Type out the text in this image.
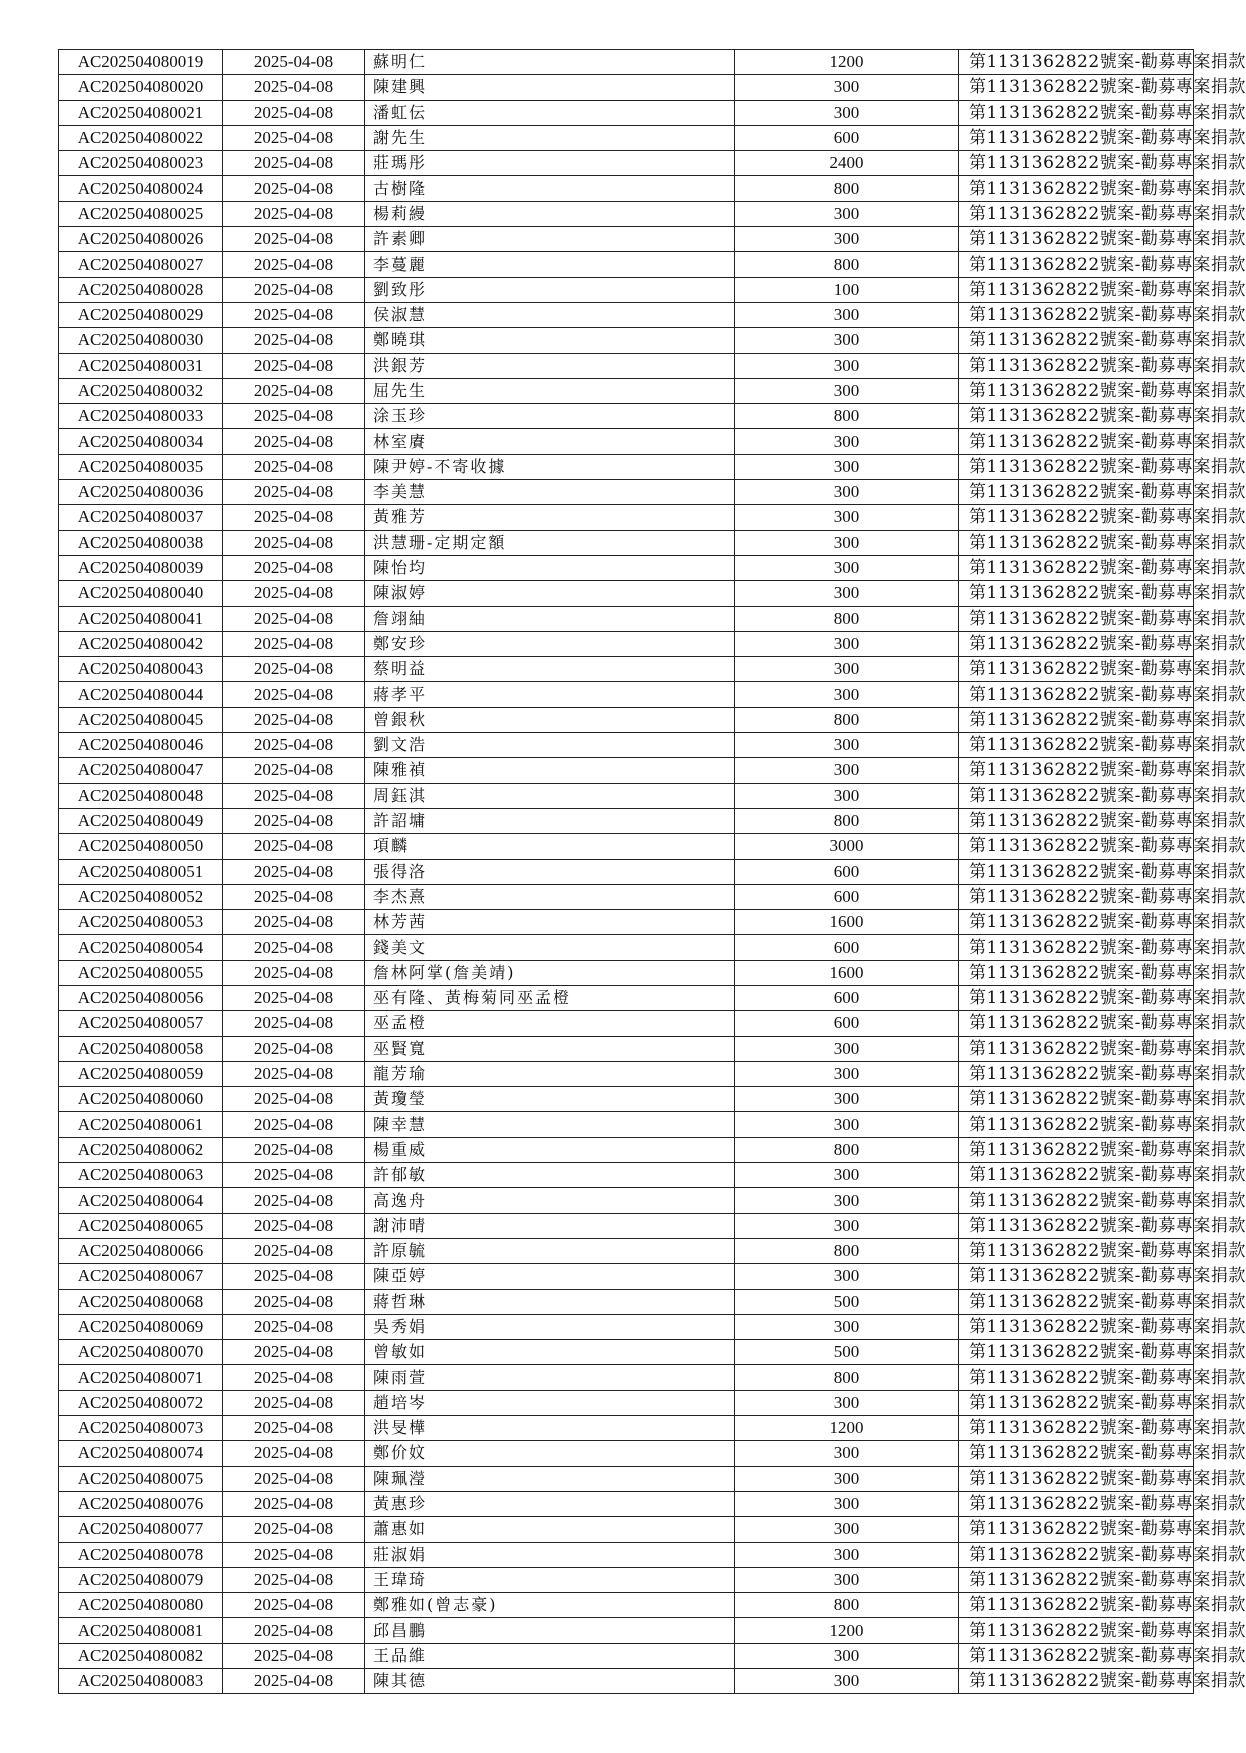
AC202504080019	2025-04-08	蘇明仁	1200	第1131362822號案-勸募專案捐款
AC202504080020	2025-04-08	陳建興	300	第1131362822號案-勸募專案捐款
AC202504080021	2025-04-08	潘虹伝	300	第1131362822號案-勸募專案捐款
AC202504080022	2025-04-08	謝先生	600	第1131362822號案-勸募專案捐款
AC202504080023	2025-04-08	莊瑪彤	2400	第1131362822號案-勸募專案捐款
AC202504080024	2025-04-08	古樹隆	800	第1131362822號案-勸募專案捐款
AC202504080025	2025-04-08	楊莉縵	300	第1131362822號案-勸募專案捐款
AC202504080026	2025-04-08	許素卿	300	第1131362822號案-勸募專案捐款
AC202504080027	2025-04-08	李蔓麗	800	第1131362822號案-勸募專案捐款
AC202504080028	2025-04-08	劉致彤	100	第1131362822號案-勸募專案捐款
AC202504080029	2025-04-08	侯淑慧	300	第1131362822號案-勸募專案捐款
AC202504080030	2025-04-08	鄭曉琪	300	第1131362822號案-勸募專案捐款
AC202504080031	2025-04-08	洪銀芳	300	第1131362822號案-勸募專案捐款
AC202504080032	2025-04-08	屈先生	300	第1131362822號案-勸募專案捐款
AC202504080033	2025-04-08	涂玉珍	800	第1131362822號案-勸募專案捐款
AC202504080034	2025-04-08	林室賡	300	第1131362822號案-勸募專案捐款
AC202504080035	2025-04-08	陳尹婷-不寄收據	300	第1131362822號案-勸募專案捐款
AC202504080036	2025-04-08	李美慧	300	第1131362822號案-勸募專案捐款
AC202504080037	2025-04-08	黃雅芳	300	第1131362822號案-勸募專案捐款
AC202504080038	2025-04-08	洪慧珊-定期定額	300	第1131362822號案-勸募專案捐款
AC202504080039	2025-04-08	陳怡均	300	第1131362822號案-勸募專案捐款
AC202504080040	2025-04-08	陳淑婷	300	第1131362822號案-勸募專案捐款
AC202504080041	2025-04-08	詹翊紬	800	第1131362822號案-勸募專案捐款
AC202504080042	2025-04-08	鄭安珍	300	第1131362822號案-勸募專案捐款
AC202504080043	2025-04-08	蔡明益	300	第1131362822號案-勸募專案捐款
AC202504080044	2025-04-08	蔣孝平	300	第1131362822號案-勸募專案捐款
AC202504080045	2025-04-08	曾銀秋	800	第1131362822號案-勸募專案捐款
AC202504080046	2025-04-08	劉文浩	300	第1131362822號案-勸募專案捐款
AC202504080047	2025-04-08	陳雅禎	300	第1131362822號案-勸募專案捐款
AC202504080048	2025-04-08	周鈺淇	300	第1131362822號案-勸募專案捐款
AC202504080049	2025-04-08	許詔墉	800	第1131362822號案-勸募專案捐款
AC202504080050	2025-04-08	項麟	3000	第1131362822號案-勸募專案捐款
AC202504080051	2025-04-08	張得洛	600	第1131362822號案-勸募專案捐款
AC202504080052	2025-04-08	李杰熹	600	第1131362822號案-勸募專案捐款
AC202504080053	2025-04-08	林芳茜	1600	第1131362822號案-勸募專案捐款
AC202504080054	2025-04-08	錢美文	600	第1131362822號案-勸募專案捐款
AC202504080055	2025-04-08	詹林阿掌(詹美靖)	1600	第1131362822號案-勸募專案捐款
AC202504080056	2025-04-08	巫有隆、黃梅菊同巫孟橙	600	第1131362822號案-勸募專案捐款
AC202504080057	2025-04-08	巫孟橙	600	第1131362822號案-勸募專案捐款
AC202504080058	2025-04-08	巫賢寬	300	第1131362822號案-勸募專案捐款
AC202504080059	2025-04-08	龍芳瑜	300	第1131362822號案-勸募專案捐款
AC202504080060	2025-04-08	黃瓊瑩	300	第1131362822號案-勸募專案捐款
AC202504080061	2025-04-08	陳幸慧	300	第1131362822號案-勸募專案捐款
AC202504080062	2025-04-08	楊重威	800	第1131362822號案-勸募專案捐款
AC202504080063	2025-04-08	許郁敏	300	第1131362822號案-勸募專案捐款
AC202504080064	2025-04-08	高逸舟	300	第1131362822號案-勸募專案捐款
AC202504080065	2025-04-08	謝沛晴	300	第1131362822號案-勸募專案捐款
AC202504080066	2025-04-08	許原毓	800	第1131362822號案-勸募專案捐款
AC202504080067	2025-04-08	陳亞婷	300	第1131362822號案-勸募專案捐款
AC202504080068	2025-04-08	蔣哲琳	500	第1131362822號案-勸募專案捐款
AC202504080069	2025-04-08	吳秀娟	300	第1131362822號案-勸募專案捐款
AC202504080070	2025-04-08	曾敏如	500	第1131362822號案-勸募專案捐款
AC202504080071	2025-04-08	陳雨萱	800	第1131362822號案-勸募專案捐款
AC202504080072	2025-04-08	趙培岑	300	第1131362822號案-勸募專案捐款
AC202504080073	2025-04-08	洪旻樺	1200	第1131362822號案-勸募專案捐款
AC202504080074	2025-04-08	鄭价妏	300	第1131362822號案-勸募專案捐款
AC202504080075	2025-04-08	陳珮瀅	300	第1131362822號案-勸募專案捐款
AC202504080076	2025-04-08	黃惠珍	300	第1131362822號案-勸募專案捐款
AC202504080077	2025-04-08	蕭惠如	300	第1131362822號案-勸募專案捐款
AC202504080078	2025-04-08	莊淑娟	300	第1131362822號案-勸募專案捐款
AC202504080079	2025-04-08	王瑋琦	300	第1131362822號案-勸募專案捐款
AC202504080080	2025-04-08	鄭雅如(曾志豪)	800	第1131362822號案-勸募專案捐款
AC202504080081	2025-04-08	邱昌鵬	1200	第1131362822號案-勸募專案捐款
AC202504080082	2025-04-08	王品維	300	第1131362822號案-勸募專案捐款
AC202504080083	2025-04-08	陳其德	300	第1131362822號案-勸募專案捐款
